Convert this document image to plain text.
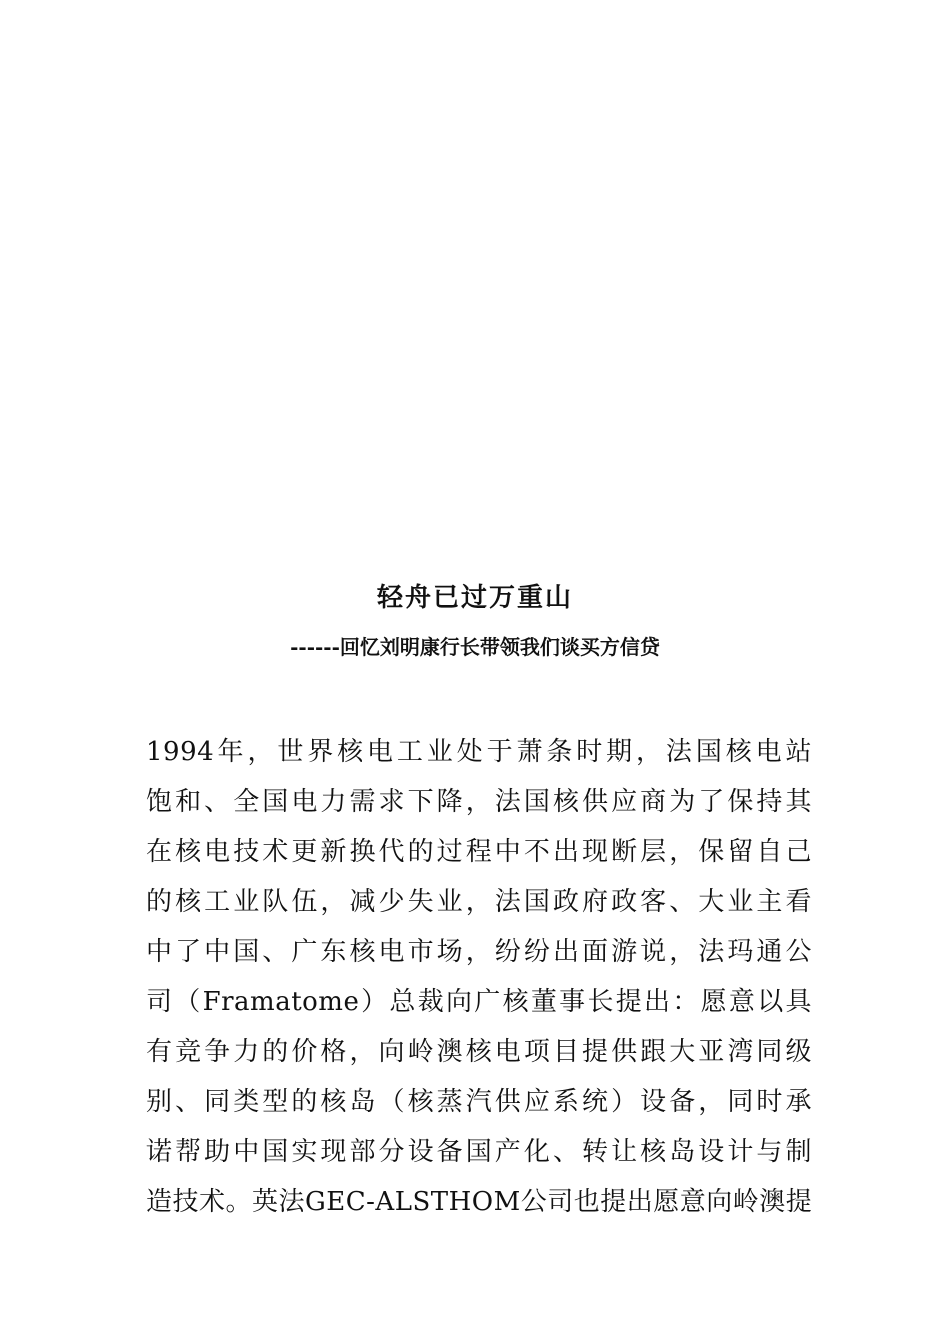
轻舟已过万重山
------回忆刘明康行长带领我们谈买方信贷
1994年，世界核电工业处于萧条时期，法国核电站
饱和、全国电力需求下降，法国核供应商为了保持其
在核电技术更新换代的过程中不出现断层，保留自己
的核工业队伍，减少失业，法国政府政客、大业主看
中了中国、广东核电市场，纷纷出面游说，法玛通公
司（Framatome）总裁向广核董事长提出：愿意以具
有竞争力的价格，向岭澳核电项目提供跟大亚湾同级
别、同类型的核岛（核蒸汽供应系统）设备，同时承
诺帮助中国实现部分设备国产化、转让核岛设计与制
造技术。英法GEC-ALSTHOM公司也提出愿意向岭澳提
